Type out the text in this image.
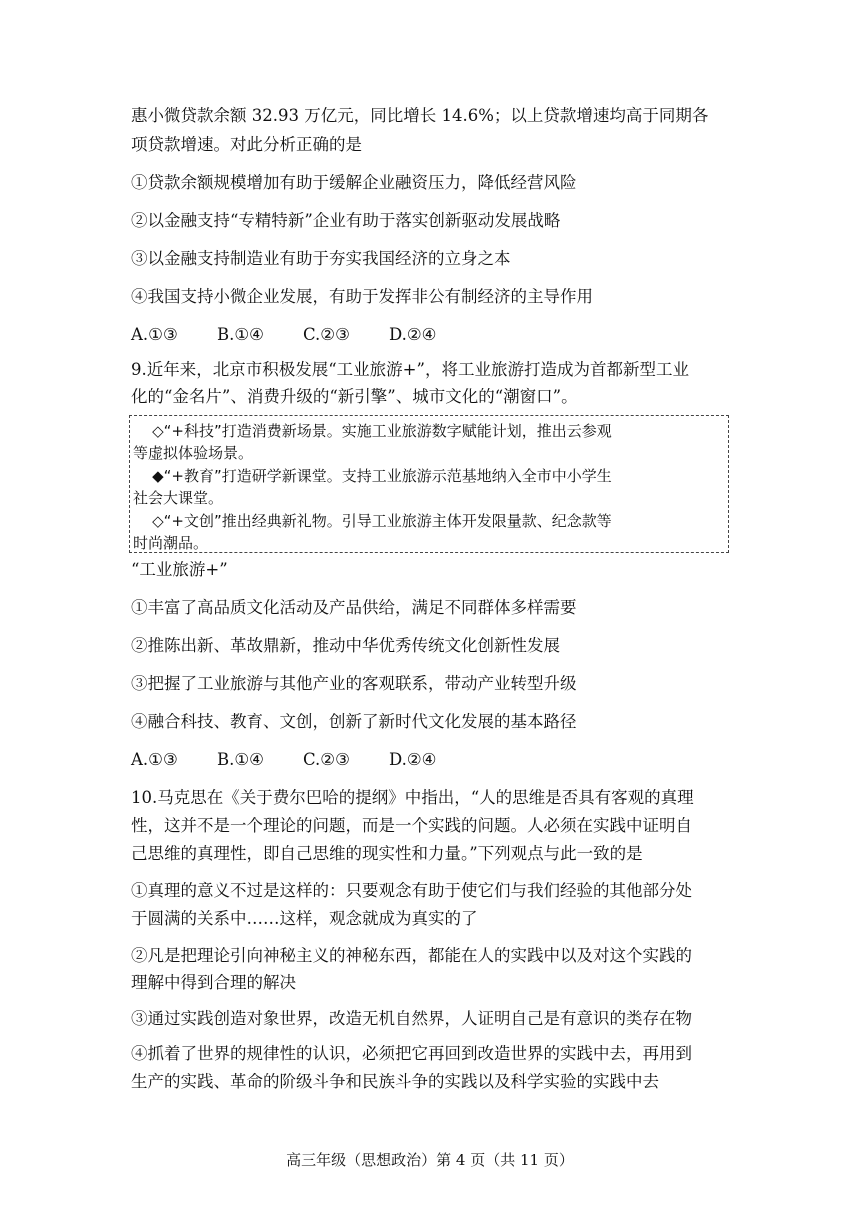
惠小微贷款余额 32.93 万亿元，同比增长 14.6%；以上贷款增速均高于同期各
项贷款增速。对此分析正确的是
①贷款余额规模增加有助于缓解企业融资压力，降低经营风险
②以金融支持“专精特新”企业有助于落实创新驱动发展战略
③以金融支持制造业有助于夯实我国经济的立身之本
④我国支持小微企业发展，有助于发挥非公有制经济的主导作用
A.①③ B.①④ C.②③ D.②④
9.近年来，北京市积极发展“工业旅游+”，将工业旅游打造成为首都新型工业
化的“金名片”、消费升级的“新引擎”、城市文化的“潮窗口”。
◇“+科技”打造消费新场景。实施工业旅游数字赋能计划，推出云参观
等虚拟体验场景。
◆“+教育”打造研学新课堂。支持工业旅游示范基地纳入全市中小学生
社会大课堂。
◇“+文创”推出经典新礼物。引导工业旅游主体开发限量款、纪念款等
时尚潮品。
“工业旅游+”
①丰富了高品质文化活动及产品供给，满足不同群体多样需要
②推陈出新、革故鼎新，推动中华优秀传统文化创新性发展
③把握了工业旅游与其他产业的客观联系，带动产业转型升级
④融合科技、教育、文创，创新了新时代文化发展的基本路径
A.①③ B.①④ C.②③ D.②④
10.马克思在《关于费尔巴哈的提纲》中指出，“人的思维是否具有客观的真理
性，这并不是一个理论的问题，而是一个实践的问题。人必须在实践中证明自
己思维的真理性，即自己思维的现实性和力量。”下列观点与此一致的是
①真理的意义不过是这样的：只要观念有助于使它们与我们经验的其他部分处
于圆满的关系中……这样，观念就成为真实的了
②凡是把理论引向神秘主义的神秘东西，都能在人的实践中以及对这个实践的
理解中得到合理的解决
③通过实践创造对象世界，改造无机自然界，人证明自己是有意识的类存在物
④抓着了世界的规律性的认识，必须把它再回到改造世界的实践中去，再用到
生产的实践、革命的阶级斗争和民族斗争的实践以及科学实验的实践中去
高三年级（思想政治）第 4 页（共 11 页）
